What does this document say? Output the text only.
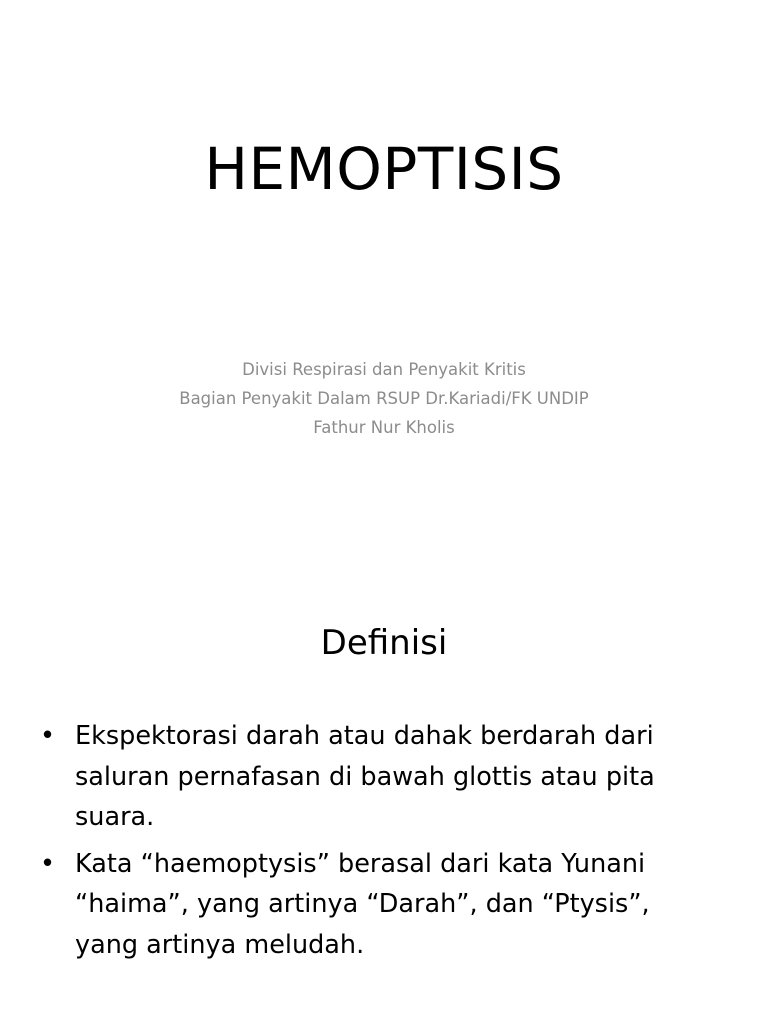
HEMOPTISIS
Divisi Respirasi dan Penyakit Kritis
Bagian Penyakit Dalam RSUP Dr.Kariadi/FK UNDIP
Fathur Nur Kholis
Definisi
• Ekspektorasi darah atau dahak berdarah dari saluran pernafasan di bawah glottis atau pita suara.
• Kata “haemoptysis” berasal dari kata Yunani “haima”, yang artinya “Darah”, dan “Ptysis”, yang artinya meludah.
